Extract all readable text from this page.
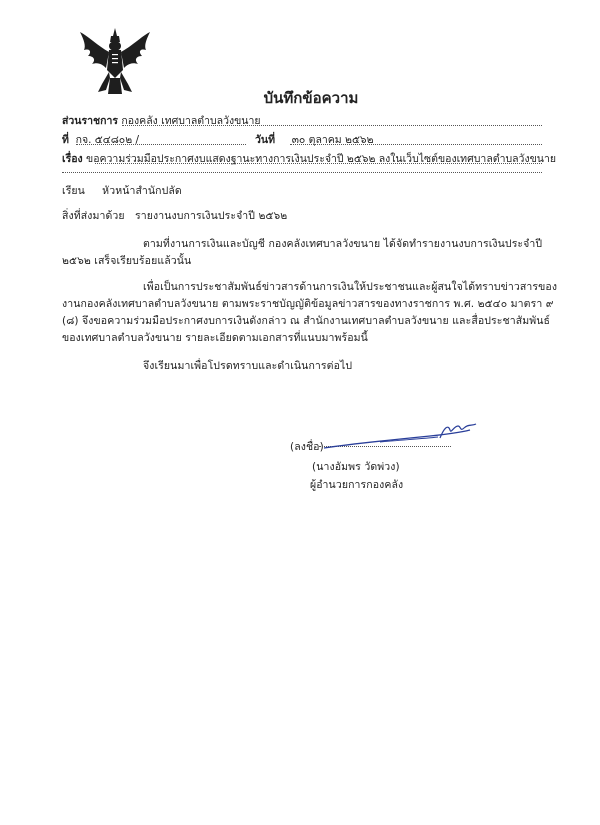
บันทึกข้อความ
ส่วนราชการ กองคลัง เทศบาลตำบลวังขนาย
ที่ กจ. ๕๔๘๐๒ /	วันที่ ๓๐ ตุลาคม ๒๕๖๒
เรื่อง ขอความร่วมมือประกาศงบแสดงฐานะทางการเงินประจำปี ๒๕๖๒ ลงในเว็บไซต์ของเทศบาลตำบลวังขนาย
เรียน หัวหน้าสำนักปลัด
สิ่งที่ส่งมาด้วย รายงานงบการเงินประจำปี ๒๕๖๒
ตามที่งานการเงินและบัญชี กองคลังเทศบาลวังขนาย ได้จัดทำรายงานงบการเงินประจำปี
๒๕๖๒ เสร็จเรียบร้อยแล้วนั้น
เพื่อเป็นการประชาสัมพันธ์ข่าวสารด้านการเงินให้ประชาชนและผู้สนใจได้ทราบข่าวสารของ
งานกองคลังเทศบาลตำบลวังขนาย ตามพระราชบัญญัติข้อมูลข่าวสารของทางราชการ พ.ศ. ๒๕๔๐ มาตรา ๙
(๘) จึงขอความร่วมมือประกาศงบการเงินดังกล่าว ณ สำนักงานเทศบาลตำบลวังขนาย และสื่อประชาสัมพันธ์
ของเทศบาลตำบลวังขนาย รายละเอียดตามเอกสารที่แนบมาพร้อมนี้
จึงเรียนมาเพื่อโปรดทราบและดำเนินการต่อไป
(ลงชื่อ)
(นางอัมพร วัดพ่วง)
ผู้อำนวยการกองคลัง
